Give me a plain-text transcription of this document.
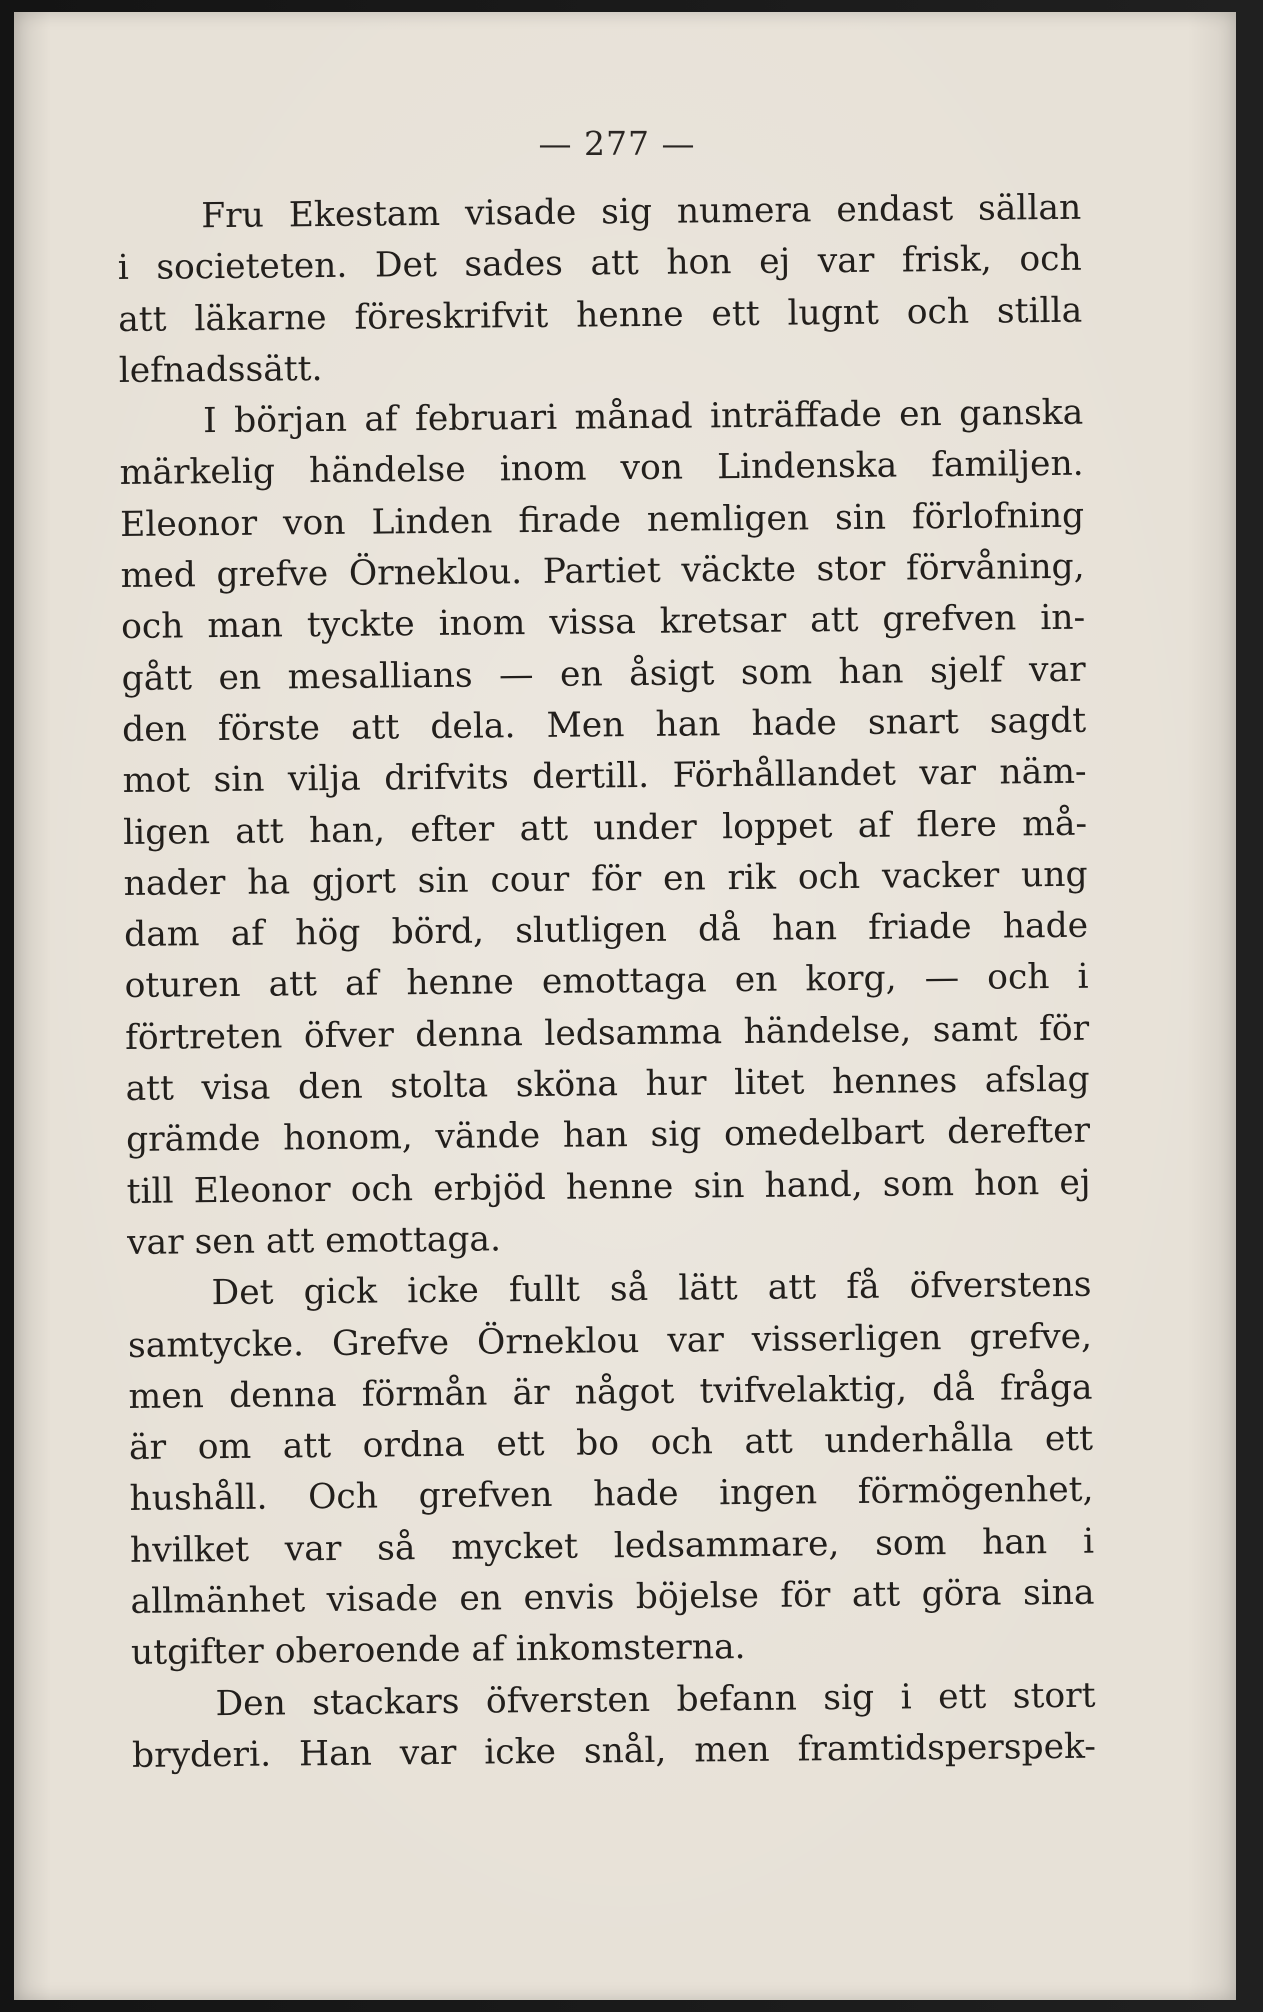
— 277 —
Fru Ekestam visade sig numera endast sällan
i societeten. Det sades att hon ej var frisk, och
att läkarne föreskrifvit henne ett lugnt och stilla
lefnadssätt.
I början af februari månad inträffade en ganska
märkelig händelse inom von Lindenska familjen.
Eleonor von Linden firade nemligen sin förlofning
med grefve Örneklou. Partiet väckte stor förvåning,
och man tyckte inom vissa kretsar att grefven in-
gått en mesallians — en åsigt som han sjelf var
den förste att dela. Men han hade snart sagdt
mot sin vilja drifvits dertill. Förhållandet var näm-
ligen att han, efter att under loppet af flere må-
nader ha gjort sin cour för en rik och vacker ung
dam af hög börd, slutligen då han friade hade
oturen att af henne emottaga en korg, — och i
förtreten öfver denna ledsamma händelse, samt för
att visa den stolta sköna hur litet hennes afslag
grämde honom, vände han sig omedelbart derefter
till Eleonor och erbjöd henne sin hand, som hon ej
var sen att emottaga.
Det gick icke fullt så lätt att få öfverstens
samtycke. Grefve Örneklou var visserligen grefve,
men denna förmån är något tvifvelaktig, då fråga
är om att ordna ett bo och att underhålla ett
hushåll. Och grefven hade ingen förmögenhet,
hvilket var så mycket ledsammare, som han i
allmänhet visade en envis böjelse för att göra sina
utgifter oberoende af inkomsterna.
Den stackars öfversten befann sig i ett stort
bryderi. Han var icke snål, men framtidsperspek-
